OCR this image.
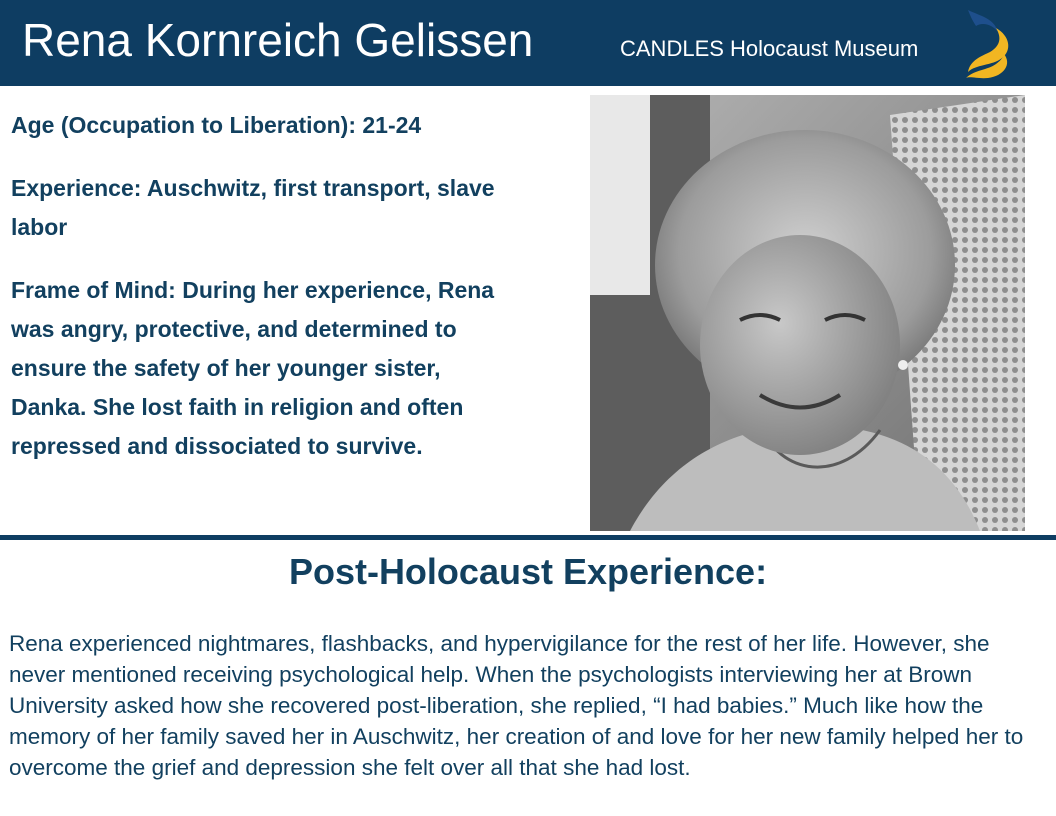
Rena Kornreich Gelissen	CANDLES Holocaust Museum

Age (Occupation to Liberation): 21-24

Experience: Auschwitz, first transport, slave labor

Frame of Mind: During her experience, Rena was angry, protective, and determined to ensure the safety of her younger sister, Danka. She lost faith in religion and often repressed and dissociated to survive.

Post-Holocaust Experience:

Rena experienced nightmares, flashbacks, and hypervigilance for the rest of her life. However, she never mentioned receiving psychological help. When the psychologists interviewing her at Brown University asked how she recovered post-liberation, she replied, “I had babies.” Much like how the memory of her family saved her in Auschwitz, her creation of and love for her new family helped her to overcome the grief and depression she felt over all that she had lost.
